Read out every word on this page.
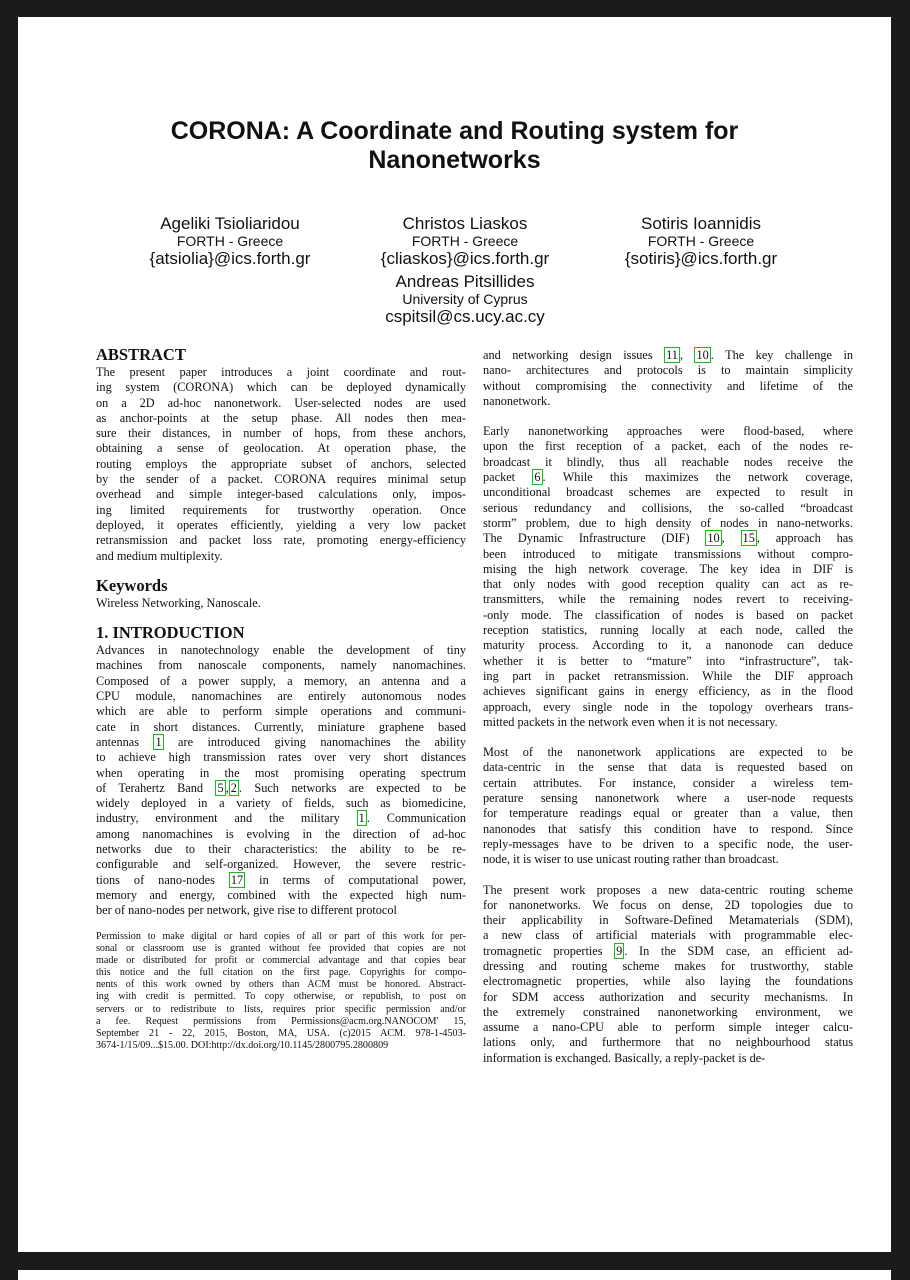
CORONA: A Coordinate and Routing system for
Nanonetworks
Ageliki Tsioliaridou
FORTH - Greece
{atsiolia}@ics.forth.gr
Christos Liaskos
FORTH - Greece
{cliaskos}@ics.forth.gr
Sotiris Ioannidis
FORTH - Greece
{sotiris}@ics.forth.gr
Andreas Pitsillides
University of Cyprus
cspitsil@cs.ucy.ac.cy
ABSTRACT
The present paper introduces a joint coordinate and rout-
ing system (CORONA) which can be deployed dynamically
on a 2D ad-hoc nanonetwork. User-selected nodes are used
as anchor-points at the setup phase. All nodes then mea-
sure their distances, in number of hops, from these anchors,
obtaining a sense of geolocation. At operation phase, the
routing employs the appropriate subset of anchors, selected
by the sender of a packet. CORONA requires minimal setup
overhead and simple integer-based calculations only, impos-
ing limited requirements for trustworthy operation. Once
deployed, it operates efficiently, yielding a very low packet
retransmission and packet loss rate, promoting energy-efficiency
and medium multiplexity.
Keywords
Wireless Networking, Nanoscale.
1. INTRODUCTION
Advances in nanotechnology enable the development of tiny
machines from nanoscale components, namely nanomachines.
Composed of a power supply, a memory, an antenna and a
CPU module, nanomachines are entirely autonomous nodes
which are able to perform simple operations and communi-
cate in short distances. Currently, miniature graphene based
antennas 1 are introduced giving nanomachines the ability
to achieve high transmission rates over very short distances
when operating in the most promising operating spectrum
of Terahertz Band 5 , 2 . Such networks are expected to be
widely deployed in a variety of fields, such as biomedicine,
industry, environment and the military 1 . Communication
among nanomachines is evolving in the direction of ad-hoc
networks due to their characteristics: the ability to be re-
configurable and self-organized. However, the severe restric-
tions of nano-nodes 17 in terms of computational power,
memory and energy, combined with the expected high num-
ber of nano-nodes per network, give rise to different protocol
Permission to make digital or hard copies of all or part of this work for per-
sonal or classroom use is granted without fee provided that copies are not
made or distributed for profit or commercial advantage and that copies bear
this notice and the full citation on the first page. Copyrights for compo-
nents of this work owned by others than ACM must be honored. Abstract-
ing with credit is permitted. To copy otherwise, or republish, to post on
servers or to redistribute to lists, requires prior specific permission and/or
a fee. Request permissions from Permissions@acm.org.NANOCOM' 15,
September 21 - 22, 2015, Boston, MA, USA. (c)2015 ACM. 978-1-4503-
3674-1/15/09...$15.00. DOI:http://dx.doi.org/10.1145/2800795.2800809
and networking design issues 11 , 10 . The key challenge in
nano- architectures and protocols is to maintain simplicity
without compromising the connectivity and lifetime of the
nanonetwork.
Early nanonetworking approaches were flood-based, where
upon the first reception of a packet, each of the nodes re-
broadcast it blindly, thus all reachable nodes receive the
packet 6 . While this maximizes the network coverage,
unconditional broadcast schemes are expected to result in
serious redundancy and collisions, the so-called “broadcast
storm” problem, due to high density of nodes in nano-networks.
The Dynamic Infrastructure (DIF) 10 , 15 , approach has
been introduced to mitigate transmissions without compro-
mising the high network coverage. The key idea in DIF is
that only nodes with good reception quality can act as re-
transmitters, while the remaining nodes revert to receiving-
-only mode. The classification of nodes is based on packet
reception statistics, running locally at each node, called the
maturity process. According to it, a nanonode can deduce
whether it is better to “mature” into “infrastructure”, tak-
ing part in packet retransmission. While the DIF approach
achieves significant gains in energy efficiency, as in the flood
approach, every single node in the topology overhears trans-
mitted packets in the network even when it is not necessary.
Most of the nanonetwork applications are expected to be
data-centric in the sense that data is requested based on
certain attributes. For instance, consider a wireless tem-
perature sensing nanonetwork where a user-node requests
for temperature readings equal or greater than a value, then
nanonodes that satisfy this condition have to respond. Since
reply-messages have to be driven to a specific node, the user-
node, it is wiser to use unicast routing rather than broadcast.
The present work proposes a new data-centric routing scheme
for nanonetworks. We focus on dense, 2D topologies due to
their applicability in Software-Defined Metamaterials (SDM),
a new class of artificial materials with programmable elec-
tromagnetic properties 9 . In the SDM case, an efficient ad-
dressing and routing scheme makes for trustworthy, stable
electromagnetic properties, while also laying the foundations
for SDM access authorization and security mechanisms. In
the extremely constrained nanonetworking environment, we
assume a nano-CPU able to perform simple integer calcu-
lations only, and furthermore that no neighbourhood status
information is exchanged. Basically, a reply-packet is de-
